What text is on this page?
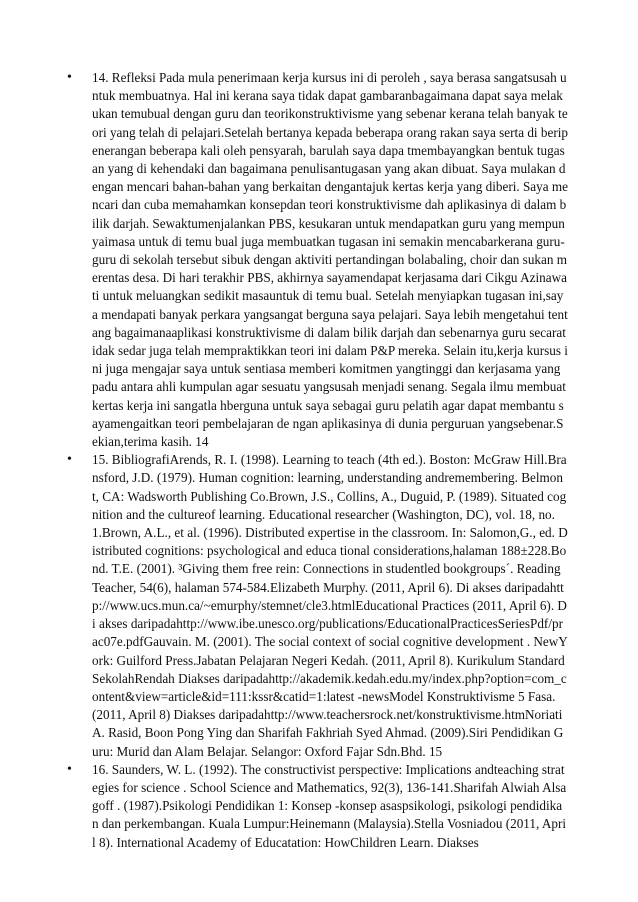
• 14. Refleksi Pada mula penerimaan kerja kursus ini di peroleh , saya berasa sangatsusah untuk membuatnya. Hal ini kerana saya tidak dapat gambaranbagaimana dapat saya melakukan temubual dengan guru dan teorikonstruktivisme yang sebenar kerana telah banyak teori yang telah di pelajari.Setelah bertanya kepada beberapa orang rakan saya serta di beripenerangan beberapa kali oleh pensyarah, barulah saya dapa tmembayangkan bentuk tugasan yang di kehendaki dan bagaimana penulisantugasan yang akan dibuat. Saya mulakan dengan mencari bahan-bahan yang berkaitan dengantajuk kertas kerja yang diberi. Saya mencari dan cuba memahamkan konsepdan teori konstruktivisme dah aplikasinya di dalam bilik darjah. Sewaktumenjalankan PBS, kesukaran untuk mendapatkan guru yang mempunyaimasa untuk di temu bual juga membuatkan tugasan ini semakin mencabarkerana guru-guru di sekolah tersebut sibuk dengan aktiviti pertandingan bolabaling, choir dan sukan merentas desa. Di hari terakhir PBS, akhirnya sayamendapat kerjasama dari Cikgu Azinawati untuk meluangkan sedikit masauntuk di temu bual. Setelah menyiapkan tugasan ini,saya mendapati banyak perkara yangsangat berguna saya pelajari. Saya lebih mengetahui tentang bagaimanaaplikasi konstruktivisme di dalam bilik darjah dan sebenarnya guru secaratidak sedar juga telah mempraktikkan teori ini dalam P&P mereka. Selain itu,kerja kursus ini juga mengajar saya untuk sentiasa memberi komitmen yangtinggi dan kerjasama yang padu antara ahli kumpulan agar sesuatu yangsusah menjadi senang. Segala ilmu membuat kertas kerja ini sangatla hberguna untuk saya sebagai guru pelatih agar dapat membantu sayamengaitkan teori pembelajaran de ngan aplikasinya di dunia perguruan yangsebenar.Sekian,terima kasih. 14

• 15. BibliografiArends, R. I. (1998). Learning to teach (4th ed.). Boston: McGraw Hill.Bransford, J.D. (1979). Human cognition: learning, understanding andremembering. Belmont, CA: Wadsworth Publishing Co.Brown, J.S., Collins, A., Duguid, P. (1989). Situated cognition and the cultureof learning. Educational researcher (Washington, DC), vol. 18, no. 1.Brown, A.L., et al. (1996). Distributed expertise in the classroom. In: Salomon,G., ed. Distributed cognitions: psychological and educa tional considerations,halaman 188±228.Bond. T.E. (2001). ³Giving them free rein: Connections in studentled bookgroups´. Reading Teacher, 54(6), halaman 574-584.Elizabeth Murphy. (2011, April 6). Di akses daripadahttp://www.ucs.mun.ca/~emurphy/stemnet/cle3.htmlEducational Practices (2011, April 6). Di akses daripadahttp://www.ibe.unesco.org/publications/EducationalPracticesSeriesPdf/prac07e.pdfGauvain. M. (2001). The social context of social cognitive development . NewYork: Guilford Press.Jabatan Pelajaran Negeri Kedah. (2011, April 8). Kurikulum Standard SekolahRendah Diakses daripadahttp://akademik.kedah.edu.my/index.php?option=com_content&view=article&id=111:kssr&catid=1:latest -newsModel Konstruktivisme 5 Fasa. (2011, April 8) Diakses daripadahttp://www.teachersrock.net/konstruktivisme.htmNoriati A. Rasid, Boon Pong Ying dan Sharifah Fakhriah Syed Ahmad. (2009).Siri Pendidikan Guru: Murid dan Alam Belajar. Selangor: Oxford Fajar Sdn.Bhd. 15

• 16. Saunders, W. L. (1992). The constructivist perspective: Implications andteaching strategies for science . School Science and Mathematics, 92(3), 136-141.Sharifah Alwiah Alsagoff . (1987).Psikologi Pendidikan 1: Konsep -konsep asaspsikologi, psikologi pendidikan dan perkembangan. Kuala Lumpur:Heinemann (Malaysia).Stella Vosniadou (2011, April 8). International Academy of Educatation: HowChildren Learn. Diakses
